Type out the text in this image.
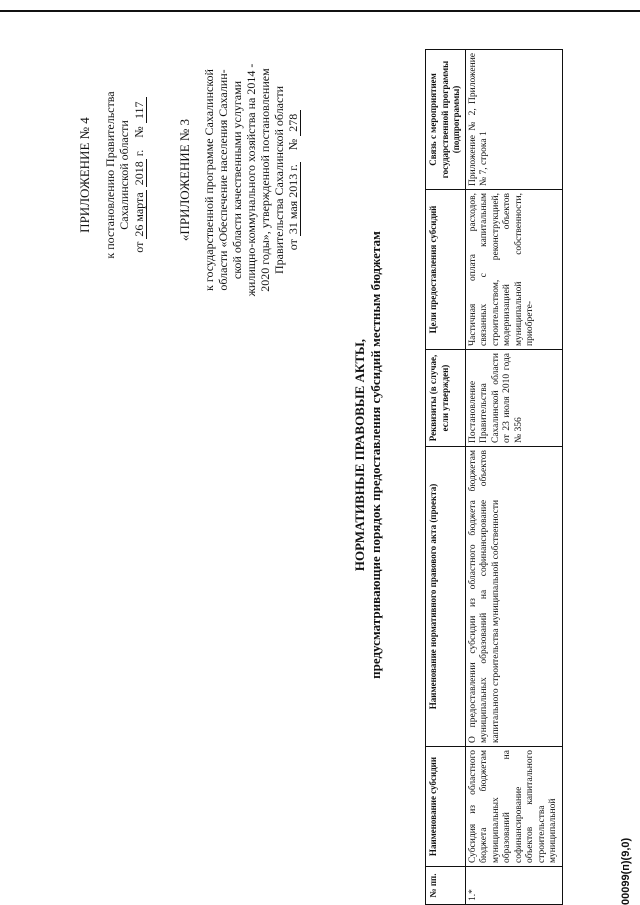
ПРИЛОЖЕНИЕ № 4 к постановлению Правительства Сахалинской области
от 26 марта 2018 г.    № 117
«ПРИЛОЖЕНИЕ № 3 к государственной программе Сахалинской области «Обеспечение населения Сахалин- ской области качественными услугами жилищно-коммунального хозяйства на 2014 - 2020 годы», утвержденной постановлением Правительства Сахалинской области от 31 мая 2013 г.    № 278
НОРМАТИВНЫЕ ПРАВОВЫЕ АКТЫ, предусматривающие порядок предоставления субсидий местным бюджетам
№ пп.	Наименование субсидии	Наименование нормативного правового акта (проекта)	Реквизиты (в случае, если утвержден)	Цели предоставления субсидий	Связь с мероприятием государственной программы (подпрограммы)
1.*	Субсидия из областного бюджета бюджетам муниципальных образований на софинансирование объектов капитального строительства муниципальной	О предоставлении субсидии из областного бюджета бюджетам муниципальных образований на софинансирование объектов капитального строительства муниципальной собственности	Постановление Правительства Сахалинской области от 23 июля 2010 года № 356	Частичная оплата расходов, связанных с капитальным строительством, реконструкцией, модернизацией объектов муниципальной собственности, приобрете-	Приложение № 2, Приложение № 7, строка 1
00099(п)(9,0)
